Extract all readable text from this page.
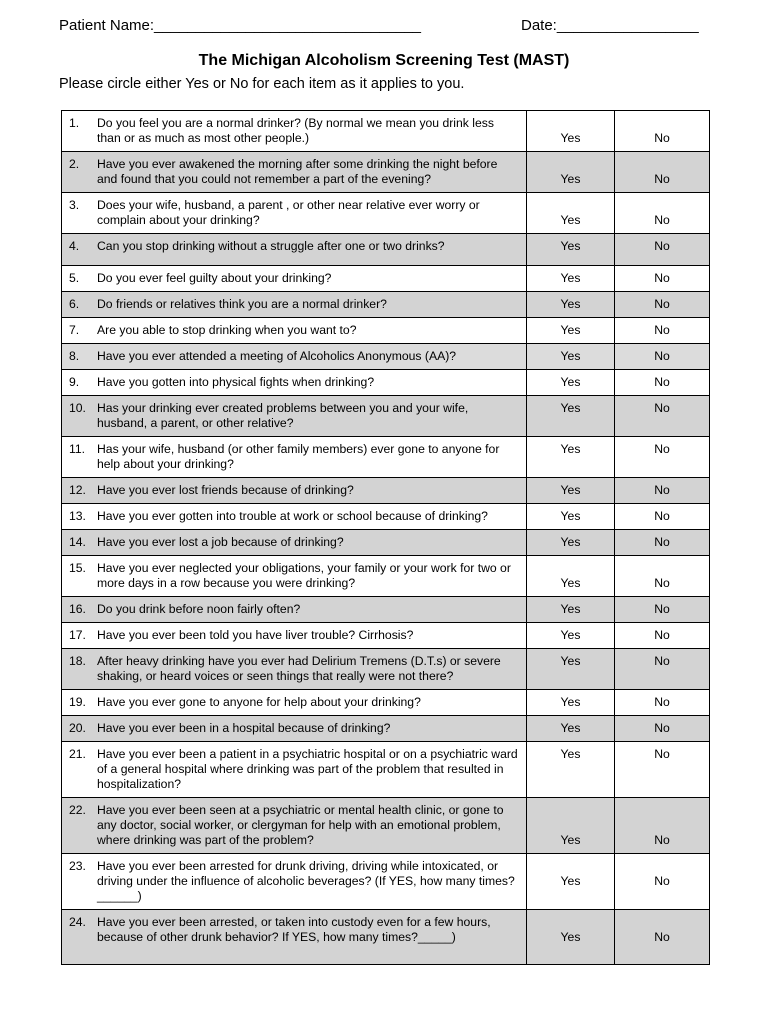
Patient Name:________________________________	Date:_________________
The Michigan Alcoholism Screening Test (MAST)
Please circle either Yes or No for each item as it applies to you.
1. Do you feel you are a normal drinker? (By normal we mean you drink less than or as much as most other people.)	Yes	No

2. Have you ever awakened the morning after some drinking the night before and found that you could not remember a part of the evening?	Yes	No

3. Does your wife, husband, a parent , or other near relative ever worry or complain about your drinking?	Yes	No

4. Can you stop drinking without a struggle after one or two drinks?	Yes	No

5. Do you ever feel guilty about your drinking?	Yes	No

6. Do friends or relatives think you are a normal drinker?	Yes	No

7. Are you able to stop drinking when you want to?	Yes	No

8. Have you ever attended a meeting of Alcoholics Anonymous (AA)?	Yes	No

9. Have you gotten into physical fights when drinking?	Yes	No

10. Has your drinking ever created problems between you and your wife, husband, a parent, or other relative?	Yes	No

11. Has your wife, husband (or other family members) ever gone to anyone for help about your drinking?	Yes	No

12. Have you ever lost friends because of drinking?	Yes	No

13. Have you ever gotten into trouble at work or school because of drinking?	Yes	No

14. Have you ever lost a job because of drinking?	Yes	No

15. Have you ever neglected your obligations, your family or your work for two or more days in a row because you were drinking?	Yes	No

16. Do you drink before noon fairly often?	Yes	No

17. Have you ever been told you have liver trouble? Cirrhosis?	Yes	No

18. After heavy drinking have you ever had Delirium Tremens (D.T.s) or severe shaking, or heard voices or seen things that really were not there?	Yes	No

19. Have you ever gone to anyone for help about your drinking?	Yes	No

20. Have you ever been in a hospital because of drinking?	Yes	No

21. Have you ever been a patient in a psychiatric hospital or on a psychiatric ward of a general hospital where drinking was part of the problem that resulted in hospitalization?	Yes	No

22. Have you ever been seen at a psychiatric or mental health clinic, or gone to any doctor, social worker, or clergyman for help with an emotional problem, where drinking was part of the problem?	Yes	No

23. Have you ever been arrested for drunk driving, driving while intoxicated, or driving under the influence of alcoholic beverages? (If YES, how many times? ______)	Yes	No

24. Have you ever been arrested, or taken into custody even for a few hours, because of other drunk behavior? If YES, how many times?_____)	Yes	No
